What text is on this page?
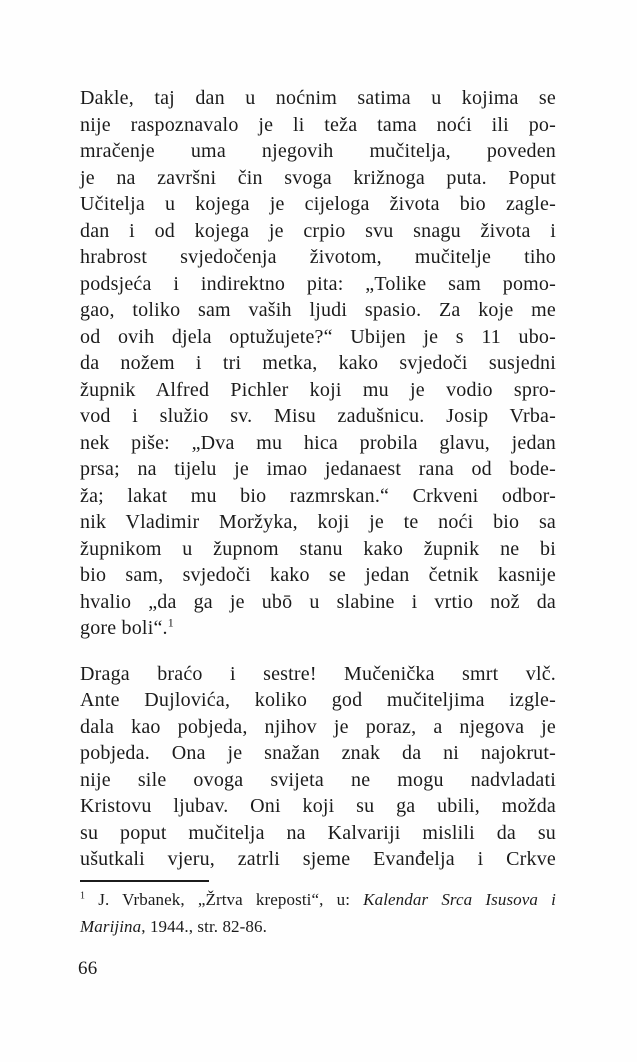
Dakle, taj dan u noćnim satima u kojima se
nije raspoznavalo je li teža tama noći ili po-
mračenje uma njegovih mučitelja, poveden
je na završni čin svoga križnoga puta. Poput
Učitelja u kojega je cijeloga života bio zagle-
dan i od kojega je crpio svu snagu života i
hrabrost svjedočenja životom, mučitelje tiho
podsjeća i indirektno pita: „Tolike sam pomo-
gao, toliko sam vaših ljudi spasio. Za koje me
od ovih djela optužujete?“ Ubijen je s 11 ubo-
da nožem i tri metka, kako svjedoči susjedni
župnik Alfred Pichler koji mu je vodio spro-
vod i služio sv. Misu zadušnicu. Josip Vrba-
nek piše: „Dva mu hica probila glavu, jedan
prsa; na tijelu je imao jedanaest rana od bode-
ža; lakat mu bio razmrskan.“ Crkveni odbor-
nik Vladimir Moržyka, koji je te noći bio sa
župnikom u župnom stanu kako župnik ne bi
bio sam, svjedoči kako se jedan četnik kasnije
hvalio „da ga je ubō u slabine i vrtio nož da
gore boli“.$^1$
Draga braćo i sestre! Mučenička smrt vlč.
Ante Dujlovića, koliko god mučiteljima izgle-
dala kao pobjeda, njihov je poraz, a njegova je
pobjeda. Ona je snažan znak da ni najokrut-
nije sile ovoga svijeta ne mogu nadvladati
Kristovu ljubav. Oni koji su ga ubili, možda
su poput mučitelja na Kalvariji mislili da su
ušutkali vjeru, zatrli sjeme Evanđelja i Crkve
$^1$ J. Vrbanek, „Žrtva kreposti“, u: Kalendar Srca Isusova i
Marijina, 1944., str. 82-86.
66
